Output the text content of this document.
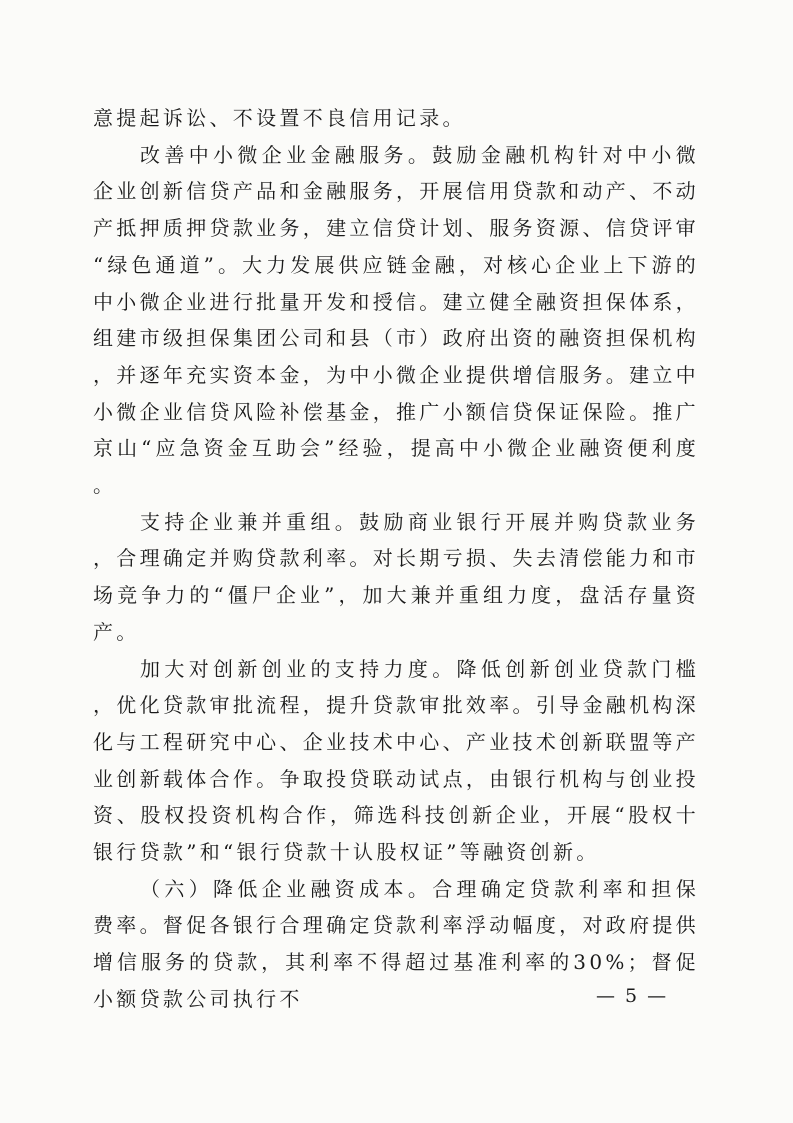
意提起诉讼、不设置不良信用记录。

改善中小微企业金融服务。鼓励金融机构针对中小微企业创新信贷产品和金融服务，开展信用贷款和动产、不动产抵押质押贷款业务，建立信贷计划、服务资源、信贷评审“绿色通道”。大力发展供应链金融，对核心企业上下游的中小微企业进行批量开发和授信。建立健全融资担保体系，组建市级担保集团公司和县（市）政府出资的融资担保机构，并逐年充实资本金，为中小微企业提供增信服务。建立中小微企业信贷风险补偿基金，推广小额信贷保证保险。推广京山“应急资金互助会”经验，提高中小微企业融资便利度。

支持企业兼并重组。鼓励商业银行开展并购贷款业务，合理确定并购贷款利率。对长期亏损、失去清偿能力和市场竞争力的“僵尸企业”，加大兼并重组力度，盘活存量资产。

加大对创新创业的支持力度。降低创新创业贷款门槛，优化贷款审批流程，提升贷款审批效率。引导金融机构深化与工程研究中心、企业技术中心、产业技术创新联盟等产业创新载体合作。争取投贷联动试点，由银行机构与创业投资、股权投资机构合作，筛选科技创新企业，开展“股权十银行贷款”和“银行贷款十认股权证”等融资创新。

（六）降低企业融资成本。合理确定贷款利率和担保费率。督促各银行合理确定贷款利率浮动幅度，对政府提供增信服务的贷款，其利率不得超过基准利率的30%；督促小额贷款公司执行不	— 5 —
